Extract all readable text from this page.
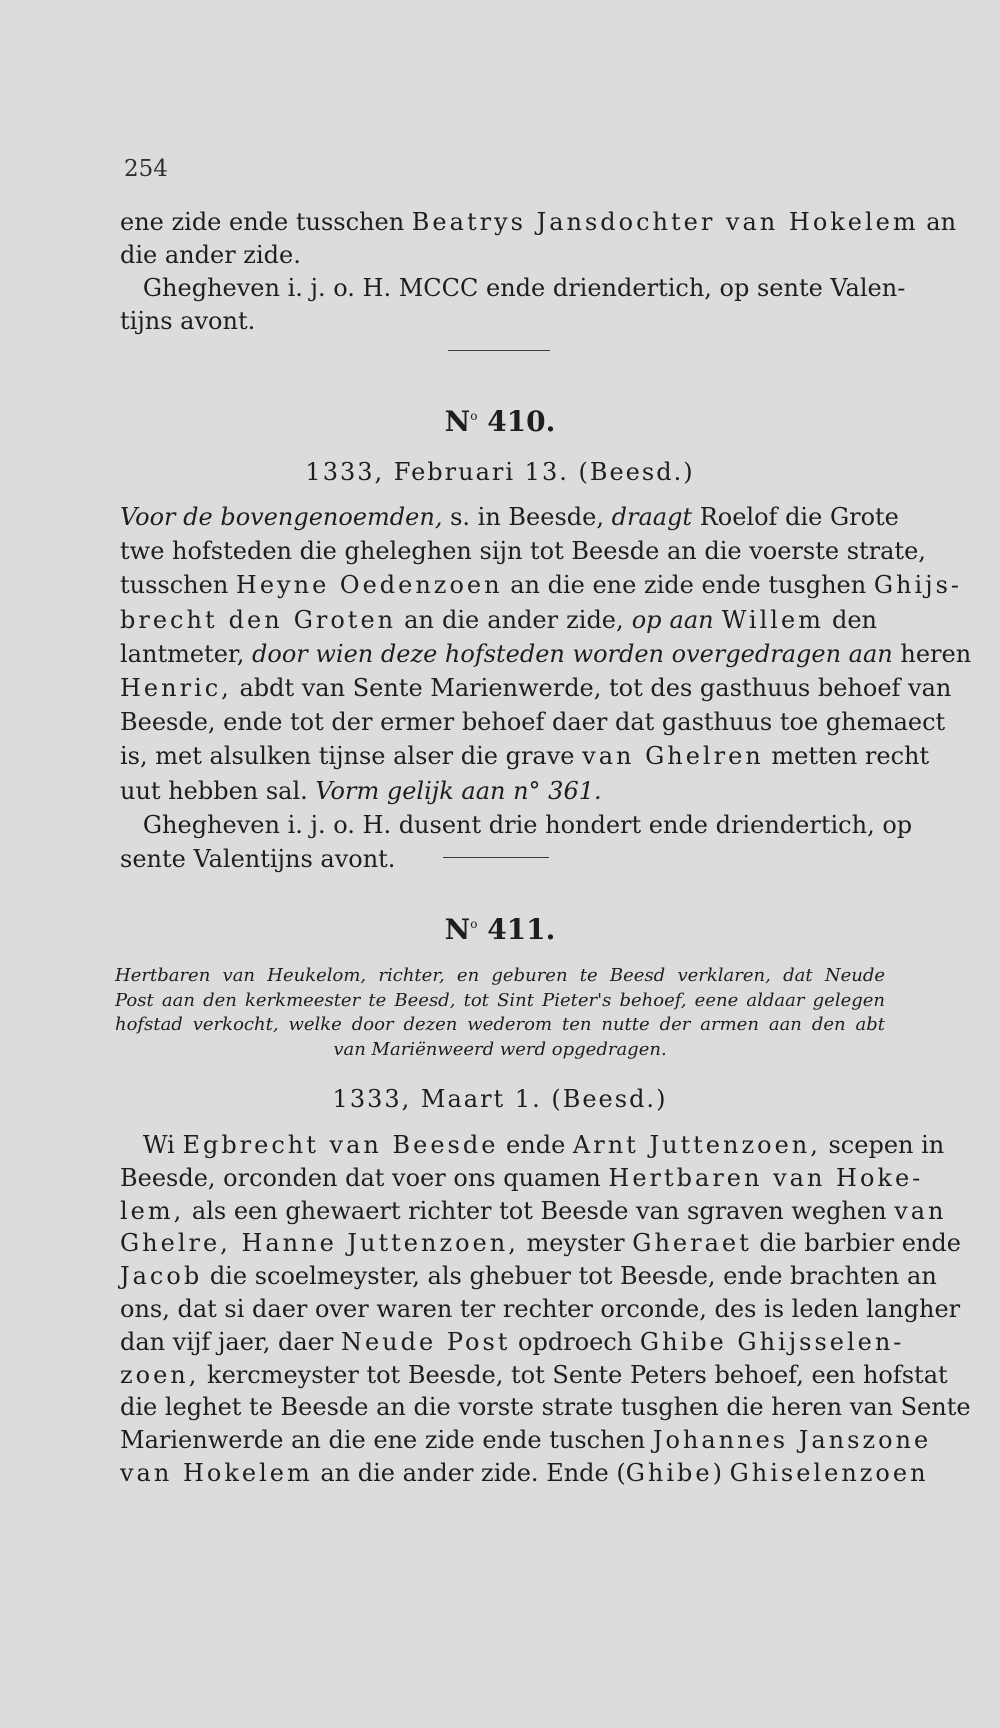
254
ene zide ende tusschen Beatrys Jansdochter van Hokelem an
die ander zide.
Ghegheven i. j. o. H. MCCC ende driendertich, op sente Valen-
tijns avont.
$N^o$ 410.
1333, Februari 13. (Beesd.)
Voor de bovengenoemden, s. in Beesde, draagt Roelof die Grote
twe hofsteden die gheleghen sijn tot Beesde an die voerste strate,
tusschen Heyne Oedenzoen an die ene zide ende tusghen Ghijs-
brecht den Groten an die ander zide, op aan Willem den
lantmeter, door wien deze hofsteden worden overgedragen aan heren
Henric, abdt van Sente Marienwerde, tot des gasthuus behoef van
Beesde, ende tot der ermer behoef daer dat gasthuus toe ghemaect
is, met alsulken tijnse alser die grave van Ghelren metten recht
uut hebben sal. Vorm gelijk aan n° 361.
Ghegheven i. j. o. H. dusent drie hondert ende driendertich, op
sente Valentijns avont.
$N^o$ 411.
Hertbaren van Heukelom, richter, en geburen te Beesd verklaren, dat Neude
Post aan den kerkmeester te Beesd, tot Sint Pieter's behoef, eene aldaar gelegen
hofstad verkocht, welke door dezen wederom ten nutte der armen aan den abt
van Mariënweerd werd opgedragen.
1333, Maart 1. (Beesd.)
Wi Egbrecht van Beesde ende Arnt Juttenzoen, scepen in
Beesde, orconden dat voer ons quamen Hertbaren van Hoke-
lem, als een ghewaert richter tot Beesde van sgraven weghen van
Ghelre, Hanne Juttenzoen, meyster Gheraet die barbier ende
Jacob die scoelmeyster, als ghebuer tot Beesde, ende brachten an
ons, dat si daer over waren ter rechter orconde, des is leden langher
dan vijf jaer, daer Neude Post opdroech Ghibe Ghijsselen-
zoen, kercmeyster tot Beesde, tot Sente Peters behoef, een hofstat
die leghet te Beesde an die vorste strate tusghen die heren van Sente
Marienwerde an die ene zide ende tuschen Johannes Janszone
van Hokelem an die ander zide. Ende (Ghibe) Ghiselenzoen
